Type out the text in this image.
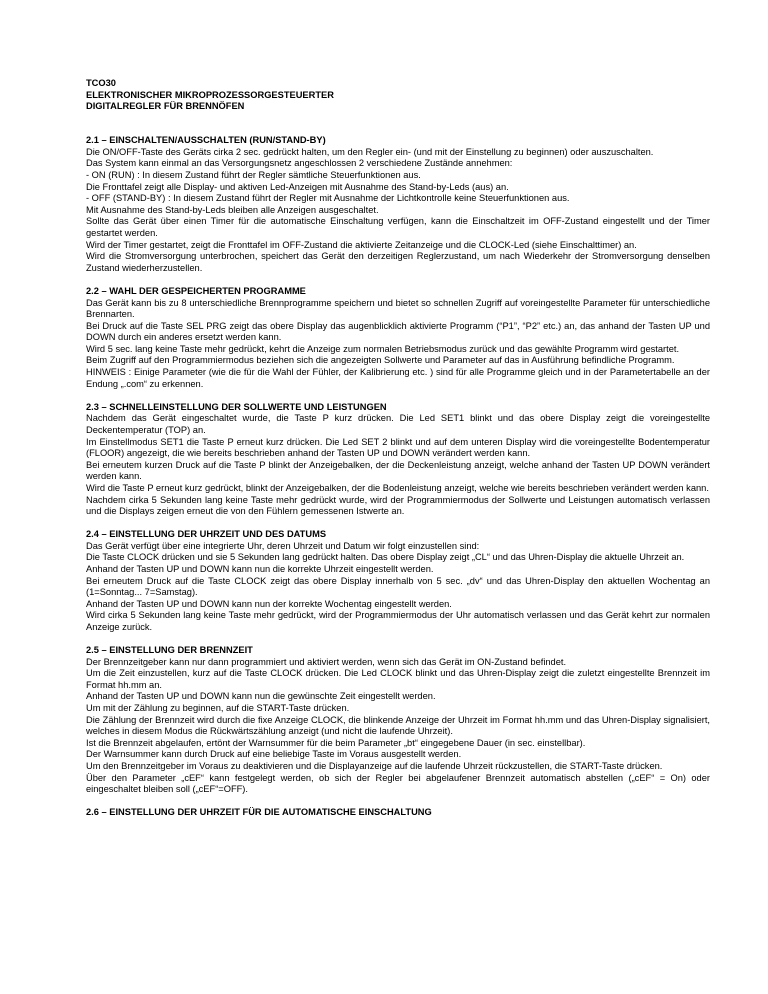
TCO30
ELEKTRONISCHER MIKROPROZESSORGESTEUERTER
DIGITALREGLER FÜR BRENNÖFEN
2.1 – EINSCHALTEN/AUSSCHALTEN (RUN/STAND-BY)

Die ON/OFF-Taste des Geräts cirka 2 sec. gedrückt halten, um den Regler ein- (und mit der Einstellung zu beginnen) oder auszuschalten.

Das System kann einmal an das Versorgungsnetz angeschlossen 2 verschiedene Zustände annehmen:

- ON (RUN) : In diesem Zustand führt der Regler sämtliche Steuerfunktionen aus.

Die Fronttafel zeigt alle Display- und aktiven Led-Anzeigen mit Ausnahme des Stand-by-Leds (aus) an.

- OFF (STAND-BY) : In diesem Zustand führt der Regler mit Ausnahme der Lichtkontrolle keine Steuerfunktionen aus.

Mit Ausnahme des Stand-by-Leds bleiben alle Anzeigen ausgeschaltet.

Sollte das Gerät über einen Timer für die automatische Einschaltung verfügen, kann die Einschaltzeit im OFF-Zustand eingestellt und der Timer gestartet werden.

Wird der Timer gestartet, zeigt die Fronttafel im OFF-Zustand die aktivierte Zeitanzeige und die CLOCK-Led (siehe Einschalttimer) an.

Wird die Stromversorgung unterbrochen, speichert das Gerät den derzeitigen Reglerzustand, um nach Wiederkehr der Stromversorgung denselben Zustand wiederherzustellen.

2.2 – WAHL DER GESPEICHERTEN PROGRAMME

Das Gerät kann bis zu 8 unterschiedliche Brennprogramme speichern und bietet so schnellen Zugriff auf voreingestellte Parameter für unterschiedliche Brennarten.

Bei Druck auf die Taste SEL PRG zeigt das obere Display das augenblicklich aktivierte Programm (“P1”, “P2” etc.) an, das anhand der Tasten UP und DOWN durch ein anderes ersetzt werden kann.

Wird 5 sec. lang keine Taste mehr gedrückt, kehrt die Anzeige zum normalen Betriebsmodus zurück und das gewählte Programm wird gestartet.

Beim Zugriff auf den Programmiermodus beziehen sich die angezeigten Sollwerte und Parameter auf das in Ausführung befindliche Programm.

HINWEIS : Einige Parameter (wie die für die Wahl der Fühler, der Kalibrierung etc. ) sind für alle Programme gleich und in der Parametertabelle an der Endung „.com“ zu erkennen.

2.3 – SCHNELLEINSTELLUNG DER SOLLWERTE UND LEISTUNGEN

Nachdem das Gerät eingeschaltet wurde, die Taste P kurz drücken. Die Led SET1 blinkt und das obere Display zeigt die voreingestellte Deckentemperatur (TOP) an.

Im Einstellmodus SET1 die Taste P erneut kurz drücken. Die Led SET 2 blinkt und auf dem unteren Display wird die voreingestellte Bodentemperatur (FLOOR) angezeigt, die wie bereits beschrieben anhand der Tasten UP und DOWN verändert werden kann.

Bei erneutem kurzen Druck auf die Taste P blinkt der Anzeigebalken, der die Deckenleistung anzeigt, welche anhand der Tasten UP DOWN verändert werden kann.

Wird die Taste P erneut kurz gedrückt, blinkt der Anzeigebalken, der die Bodenleistung anzeigt, welche wie bereits beschrieben verändert werden kann.

Nachdem cirka 5 Sekunden lang keine Taste mehr gedrückt wurde, wird der Programmiermodus der Sollwerte und Leistungen automatisch verlassen und die Displays zeigen erneut die von den Fühlern gemessenen Istwerte an.

2.4 – EINSTELLUNG DER UHRZEIT UND DES DATUMS

Das Gerät verfügt über eine integrierte Uhr, deren Uhrzeit und Datum wir folgt einzustellen sind:

Die Taste CLOCK drücken und sie 5 Sekunden lang gedrückt halten. Das obere Display zeigt „CL“ und das Uhren-Display die aktuelle Uhrzeit an.

Anhand der Tasten UP und DOWN kann nun die korrekte Uhrzeit eingestellt werden.

Bei erneutem Druck auf die Taste CLOCK zeigt das obere Display innerhalb von 5 sec. „dv“ und das Uhren-Display den aktuellen Wochentag an (1=Sonntag... 7=Samstag).

Anhand der Tasten UP und DOWN kann nun der korrekte Wochentag eingestellt werden.

Wird cirka 5 Sekunden lang keine Taste mehr gedrückt, wird der Programmiermodus der Uhr automatisch verlassen und das Gerät kehrt zur normalen Anzeige zurück.

2.5 – EINSTELLUNG DER BRENNZEIT

Der Brennzeitgeber kann nur dann programmiert und aktiviert werden, wenn sich das Gerät im ON-Zustand befindet.

Um die Zeit einzustellen, kurz auf die Taste CLOCK drücken. Die Led CLOCK blinkt und das Uhren-Display zeigt die zuletzt eingestellte Brennzeit im Format hh.mm an.

Anhand der Tasten UP und DOWN kann nun die gewünschte Zeit eingestellt werden.

Um mit der Zählung zu beginnen, auf die START-Taste drücken.

Die Zählung der Brennzeit wird durch die fixe Anzeige CLOCK, die blinkende Anzeige der Uhrzeit im Format hh.mm und das Uhren-Display signalisiert, welches in diesem Modus die Rückwärtszählung anzeigt (und nicht die laufende Uhrzeit).

Ist die Brennzeit abgelaufen, ertönt der Warnsummer für die beim Parameter „bt“ eingegebene Dauer (in sec. einstellbar).

Der Warnsummer kann durch Druck auf eine beliebige Taste im Voraus ausgestellt werden.

Um den Brennzeitgeber im Voraus zu deaktivieren und die Displayanzeige auf die laufende Uhrzeit rückzustellen, die START-Taste drücken.

Über den Parameter „cEF“ kann festgelegt werden, ob sich der Regler bei abgelaufener Brennzeit automatisch abstellen („cEF“ = On) oder eingeschaltet bleiben soll („cEF“=OFF).

2.6 – EINSTELLUNG DER UHRZEIT FÜR DIE AUTOMATISCHE EINSCHALTUNG
